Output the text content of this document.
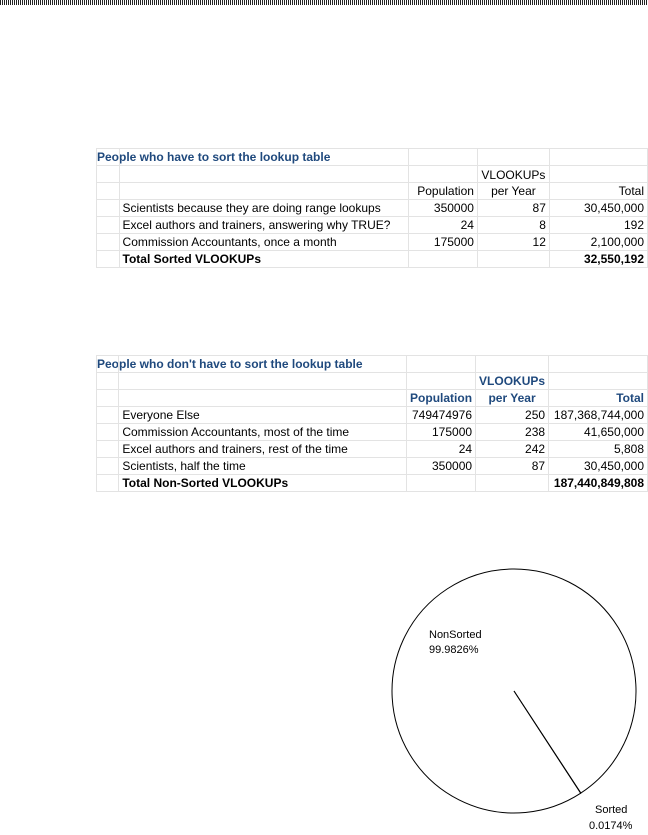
People who have to sort the lookup table

			VLOOKUPs	
		Population	per Year	Total
	Scientists because they are doing range lookups	350000	87	30,450,000
	Excel authors and trainers, answering why TRUE?	24	8	192
	Commission Accountants, once a month	175000	12	2,100,000
	Total Sorted VLOOKUPs			32,550,192
People who don't have to sort the lookup table

			VLOOKUPs	
		Population	per Year	Total
	Everyone Else	749474976	250	187,368,744,000
	Commission Accountants, most of the time	175000	238	41,650,000
	Excel authors and trainers, rest of the time	24	242	5,808
	Scientists, half the time	350000	87	30,450,000
	Total Non-Sorted VLOOKUPs			187,440,849,808
NonSorted
99.9826%
Sorted
0.0174%
